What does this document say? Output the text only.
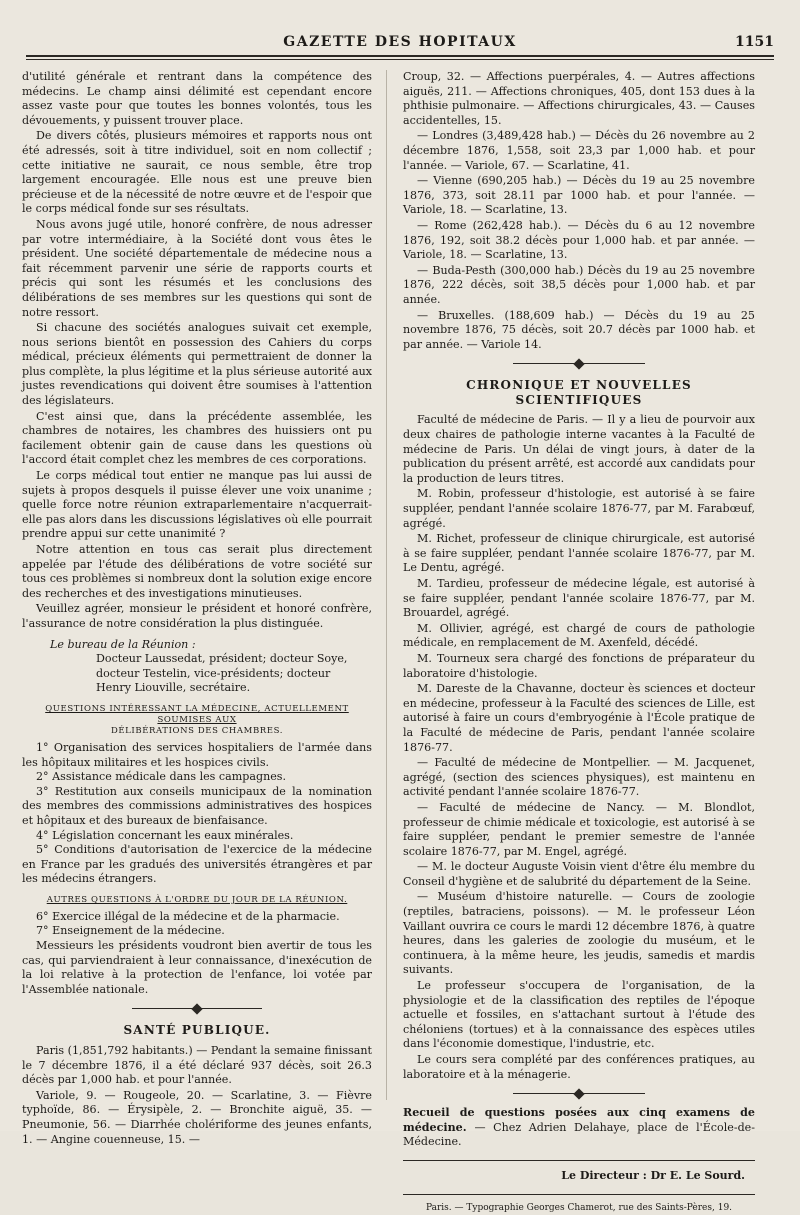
GAZETTE DES HOPITAUX	1151

d'utilité générale et rentrant dans la compétence des médecins. Le champ ainsi délimité est cependant encore assez vaste pour que toutes les bonnes volontés, tous les dévouements, y puissent trouver place.

De divers côtés, plusieurs mémoires et rapports nous ont été adressés, soit à titre individuel, soit en nom collectif ; cette initiative ne saurait, ce nous semble, être trop largement encouragée. Elle nous est une preuve bien précieuse et de la nécessité de notre œuvre et de l'espoir que le corps médical fonde sur ses résultats.

Nous avons jugé utile, honoré confrère, de nous adresser par votre intermédiaire, à la Société dont vous êtes le président. Une société départementale de médecine nous a fait récemment parvenir une série de rapports courts et précis qui sont les résumés et les conclusions des délibérations de ses membres sur les questions qui sont de notre ressort.

Si chacune des sociétés analogues suivait cet exemple, nous serions bientôt en possession des Cahiers du corps médical, précieux éléments qui permettraient de donner la plus complète, la plus légitime et la plus sérieuse autorité aux justes revendications qui doivent être soumises à l'attention des législateurs.

C'est ainsi que, dans la précédente assemblée, les chambres de notaires, les chambres des huissiers ont pu facilement obtenir gain de cause dans les questions où l'accord était complet chez les membres de ces corporations.

Le corps médical tout entier ne manque pas lui aussi de sujets à propos desquels il puisse élever une voix unanime ; quelle force notre réunion extraparlementaire n'acquerrait-elle pas alors dans les discussions législatives où elle pourrait prendre appui sur cette unanimité ?

Notre attention en tous cas serait plus directement appelée par l'étude des délibérations de votre société sur tous ces problèmes si nombreux dont la solution exige encore des recherches et des investigations minutieuses.

Veuillez agréer, monsieur le président et honoré confrère, l'assurance de notre considération la plus distinguée.

Le bureau de la Réunion :
Docteur Laussedat, président; docteur Soye,
docteur Testelin, vice-présidents; docteur
Henry Liouville, secrétaire.
QUESTIONS INTÉRESSANT LA MÉDECINE, ACTUELLEMENT SOUMISES AUX
DÉLIBÉRATIONS DES CHAMBRES.
1° Organisation des services hospitaliers de l'armée dans les hôpitaux militaires et les hospices civils.
2° Assistance médicale dans les campagnes.
3° Restitution aux conseils municipaux de la nomination des membres des commissions administratives des hospices et hôpitaux et des bureaux de bienfaisance.
4° Législation concernant les eaux minérales.
5° Conditions d'autorisation de l'exercice de la médecine en France par les gradués des universités étrangères et par les médecins étrangers.
AUTRES QUESTIONS À L'ORDRE DU JOUR DE LA RÉUNION.
6° Exercice illégal de la médecine et de la pharmacie.
7° Enseignement de la médecine.

Messieurs les présidents voudront bien avertir de tous les cas, qui parviendraient à leur connaissance, d'inexécution de la loi relative à la protection de l'enfance, loi votée par l'Assemblée nationale.

SANTÉ PUBLIQUE.

Paris (1,851,792 habitants.) — Pendant la semaine finissant le 7 décembre 1876, il a été déclaré 937 décès, soit 26.3 décès par 1,000 hab. et pour l'année.

Variole, 9. — Rougeole, 20. — Scarlatine, 3. — Fièvre typhoïde, 86. — Érysipèle, 2. — Bronchite aiguë, 35. — Pneumonie, 56. — Diarrhée cholériforme des jeunes enfants, 1. — Angine couenneuse, 15. —

Croup, 32. — Affections puerpérales, 4. — Autres affections aiguës, 211. — Affections chroniques, 405, dont 153 dues à la phthisie pulmonaire. — Affections chirurgicales, 43. — Causes accidentelles, 15.

— Londres (3,489,428 hab.) — Décès du 26 novembre au 2 décembre 1876, 1,558, soit 23,3 par 1,000 hab. et pour l'année. — Variole, 67. — Scarlatine, 41.

— Vienne (690,205 hab.) — Décès du 19 au 25 novembre 1876, 373, soit 28.11 par 1000 hab. et pour l'année. — Variole, 18. — Scarlatine, 13.

— Rome (262,428 hab.). — Décès du 6 au 12 novembre 1876, 192, soit 38.2 décès pour 1,000 hab. et par année. — Variole, 18. — Scarlatine, 13.

— Buda-Pesth (300,000 hab.) Décès du 19 au 25 novembre 1876, 222 décès, soit 38,5 décès pour 1,000 hab. et par année.

— Bruxelles. (188,609 hab.) — Décès du 19 au 25 novembre 1876, 75 décès, soit 20.7 décès par 1000 hab. et par année. — Variole 14.

CHRONIQUE ET NOUVELLES SCIENTIFIQUES

Faculté de médecine de Paris. — Il y a lieu de pourvoir aux deux chaires de pathologie interne vacantes à la Faculté de médecine de Paris. Un délai de vingt jours, à dater de la publication du présent arrêté, est accordé aux candidats pour la production de leurs titres.

M. Robin, professeur d'histologie, est autorisé à se faire suppléer, pendant l'année scolaire 1876-77, par M. Farabœuf, agrégé.

M. Richet, professeur de clinique chirurgicale, est autorisé à se faire suppléer, pendant l'année scolaire 1876-77, par M. Le Dentu, agrégé.

M. Tardieu, professeur de médecine légale, est autorisé à se faire suppléer, pendant l'année scolaire 1876-77, par M. Brouardel, agrégé.

M. Ollivier, agrégé, est chargé de cours de pathologie médicale, en remplacement de M. Axenfeld, décédé.

M. Tourneux sera chargé des fonctions de préparateur du laboratoire d'histologie.

M. Dareste de la Chavanne, docteur ès sciences et docteur en médecine, professeur à la Faculté des sciences de Lille, est autorisé à faire un cours d'embryogénie à l'École pratique de la Faculté de médecine de Paris, pendant l'année scolaire 1876-77.

— Faculté de médecine de Montpellier. — M. Jacquenet, agrégé, (section des sciences physiques), est maintenu en activité pendant l'année scolaire 1876-77.

— Faculté de médecine de Nancy. — M. Blondlot, professeur de chimie médicale et toxicologie, est autorisé à se faire suppléer, pendant le premier semestre de l'année scolaire 1876-77, par M. Engel, agrégé.

— M. le docteur Auguste Voisin vient d'être élu membre du Conseil d'hygiène et de salubrité du département de la Seine.

— Muséum d'histoire naturelle. — Cours de zoologie (reptiles, batraciens, poissons). — M. le professeur Léon Vaillant ouvrira ce cours le mardi 12 décembre 1876, à quatre heures, dans les galeries de zoologie du muséum, et le continuera, à la même heure, les jeudis, samedis et mardis suivants.

Le professeur s'occupera de l'organisation, de la physiologie et de la classification des reptiles de l'époque actuelle et fossiles, en s'attachant surtout à l'étude des chéloniens (tortues) et à la connaissance des espèces utiles dans l'économie domestique, l'industrie, etc.

Le cours sera complété par des conférences pratiques, au laboratoire et à la ménagerie.

Recueil de questions posées aux cinq examens de médecine. — Chez Adrien Delahaye, place de l'École-de-Médecine.

Le Directeur : Dr E. Le Sourd.
Paris. — Typographie Georges Chamerot, rue des Saints-Pères, 19.
